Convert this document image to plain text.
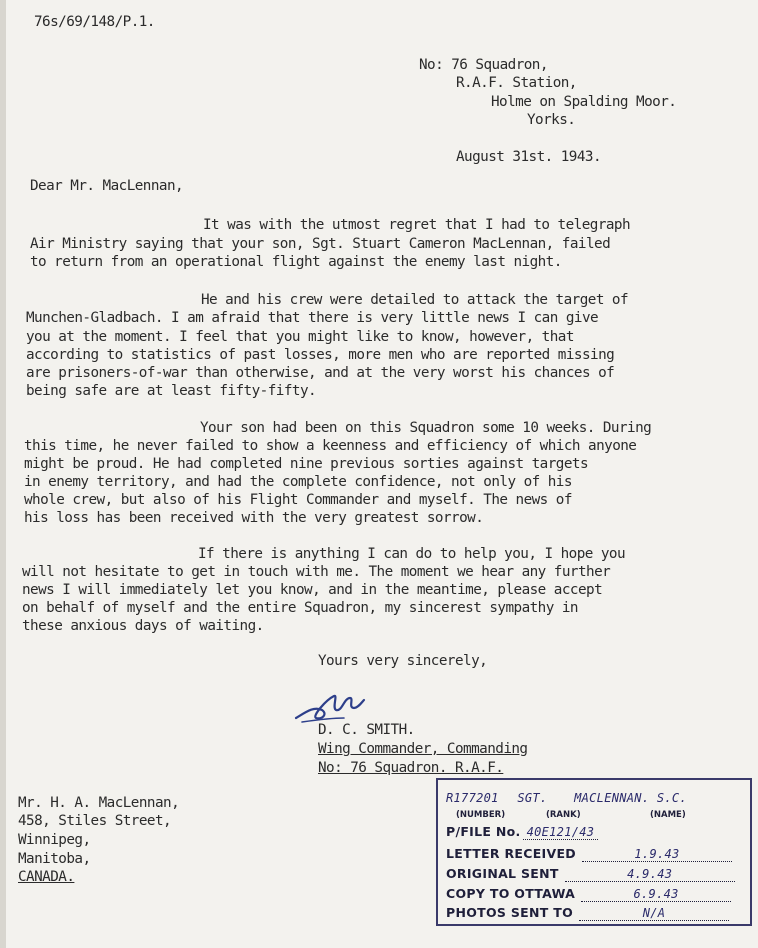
76s/69/148/P.1.
No: 76 Squadron,
R.A.F. Station,
Holme on Spalding Moor.
Yorks.
August 31st. 1943.
Dear Mr. MacLennan,
It was with the utmost regret that I had to telegraph
Air Ministry saying that your son, Sgt. Stuart Cameron MacLennan, failed
to return from an operational flight against the enemy last night.
He and his crew were detailed to attack the target of
Munchen-Gladbach. I am afraid that there is very little news I can give
you at the moment. I feel that you might like to know, however, that
according to statistics of past losses, more men who are reported missing
are prisoners-of-war than otherwise, and at the very worst his chances of
being safe are at least fifty-fifty.
Your son had been on this Squadron some 10 weeks. During
this time, he never failed to show a keenness and efficiency of which anyone
might be proud. He had completed nine previous sorties against targets
in enemy territory, and had the complete confidence, not only of his
whole crew, but also of his Flight Commander and myself. The news of
his loss has been received with the very greatest sorrow.
If there is anything I can do to help you, I hope you
will not hesitate to get in touch with me. The moment we hear any further
news I will immediately let you know, and in the meantime, please accept
on behalf of myself and the entire Squadron, my sincerest sympathy in
these anxious days of waiting.
Yours very sincerely,
D. C. SMITH.
Wing Commander, Commanding
No: 76 Squadron. R.A.F.
Mr. H. A. MacLennan,
458, Stiles Street,
Winnipeg,
Manitoba,
CANADA.
R177201 SGT. MACLENNAN. S.C.
(NUMBER)	(RANK)	(NAME)
P/FILE No. 40E121/43
LETTER RECEIVED	1.9.43
ORIGINAL SENT	4.9.43
COPY TO OTTAWA	6.9.43
PHOTOS SENT TO	N/A
